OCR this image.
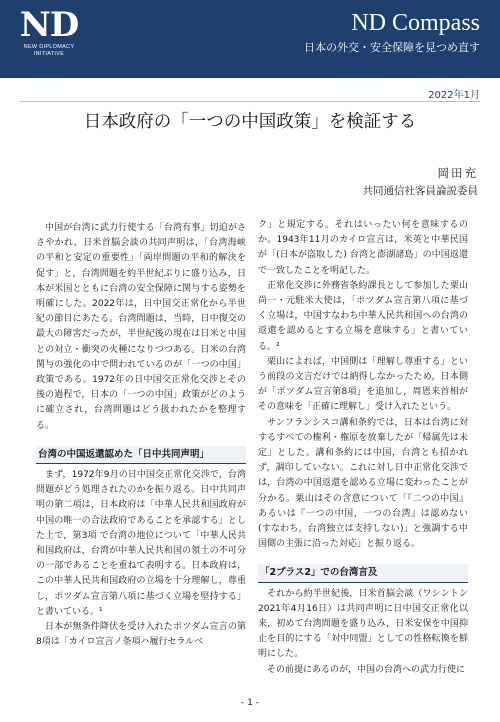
ND
NEW DIPLOMACY
INITIATIVE
ND Compass
日本の外交・安全保障を見つめ直す
2022年1月
日本政府の「一つの中国政策」を検証する
岡田充
共同通信社客員論説委員

中国が台湾に武力行使する「台湾有事」切迫がささやかれ，日米首脳会談の共同声明は，「台湾海峡の平和と安定の重要性」「両岸問題の平和的解決を促す」と，台湾問題を約半世紀ぶりに盛り込み，日本が米国とともに台湾の安全保障に関与する姿勢を明確にした。2022年は，日中国交正常化から半世紀の節目にあたる。台湾問題は，当時，日中復交の最大の障害だったが，半世紀後の現在は日米と中国との対立・衝突の火種になりつつある。日米の台湾関与の強化の中で問われているのが「一つの中国」政策である。1972年の日中国交正常化交渉とその後の過程で，日本の「一つの中国」政策がどのように確立され，台湾問題はどう扱われたかを整理する。

台湾の中国返還認めた「日中共同声明」

まず，1972年9月の日中国交正常化交渉で，台湾問題がどう処理されたのかを振り返る。日中共同声明の第二項は，日本政府は「中華人民共和国政府が中国の唯一の合法政府であることを承認する」とした上で，第3項 で台湾の地位について「中華人民共和国政府は，台湾が中華人民共和国の領土の不可分の一部であることを重ねて表明する。日本政府は，この中華人民共和国政府の立場を十分理解し，尊重し，ポツダム宣言第八項に基づく立場を堅持する」と書いている。¹

日本が無条件降伏を受け入れたポツダム宣言の第8項は「カイロ宣言ノ条項ハ履行セラルベ

ク」と規定する。それはいったい何を意味するのか。1943年11月のカイロ宣言は，米英と中華民国が「(日本が盗取した) 台湾と澎湖諸島」の中国返還で一致したことを明記した。

正常化交渉に外務省条約課長として参加した栗山尚一・元駐米大使は，「ポツダム宣言第八項に基づく立場は，中国すなわち中華人民共和国への台湾の返還を認めるとする立場を意味する」と書いている。²

栗山によれば，中国側は「理解し尊重する」という前段の文言だけでは納得しなかったため，日本側が「ポツダム宣言第8項」を追加し，周恩来首相がその意味を「正確に理解し」受け入れたという。

サンフランシスコ講和条約では，日本は台湾に対するすべての権利・権原を放棄したが「帰属先は未定」とした。講和条約には中国，台湾とも招かれず，調印していない。これに対し日中正常化交渉では，台湾の中国返還を認める立場に変わったことが分かる。栗山はその含意について「『二つの中国』あるいは『一つの中国，一つの台湾』は認めない(すなわち，台湾独立は支持しない)」と強調する中国側の主張に沿った対応」と振り返る。

「2プラス2」での台湾言及

それから約半世紀後，日米首脳会談（ワシントン 2021年4月16日）は共同声明に日中国交正常化以来，初めて台湾問題を盛り込み，日米安保を中国抑止を目的にする「対中同盟」としての性格転換を鮮明にした。

その前提にあるのが，中国の台湾への武力行使に

- 1 -
